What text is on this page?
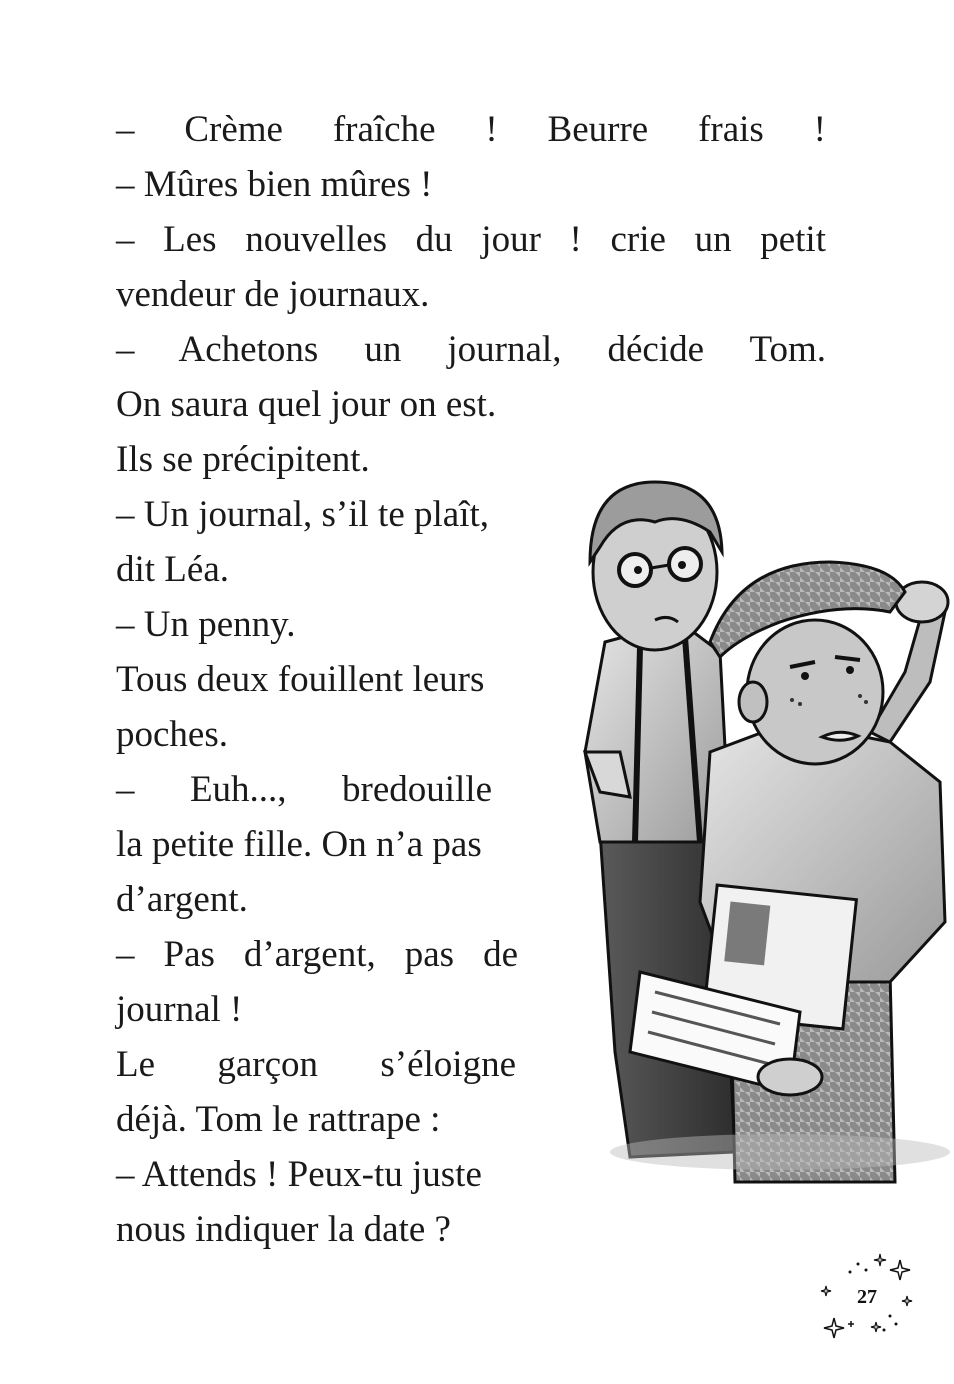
– Crème fraîche ! Beurre frais !
– Mûres bien mûres !
– Les nouvelles du jour ! crie un petit
vendeur de journaux.
– Achetons un journal, décide Tom.
On saura quel jour on est.
Ils se précipitent.
– Un journal, s’il te plaît,
dit Léa.
– Un penny.
Tous deux fouillent leurs
poches.
– Euh..., bredouille
la petite fille. On n’a pas
d’argent.
– Pas d’argent, pas de
journal !
Le garçon s’éloigne
déjà. Tom le rattrape :
– Attends ! Peux-tu juste
nous indiquer la date ?
27
